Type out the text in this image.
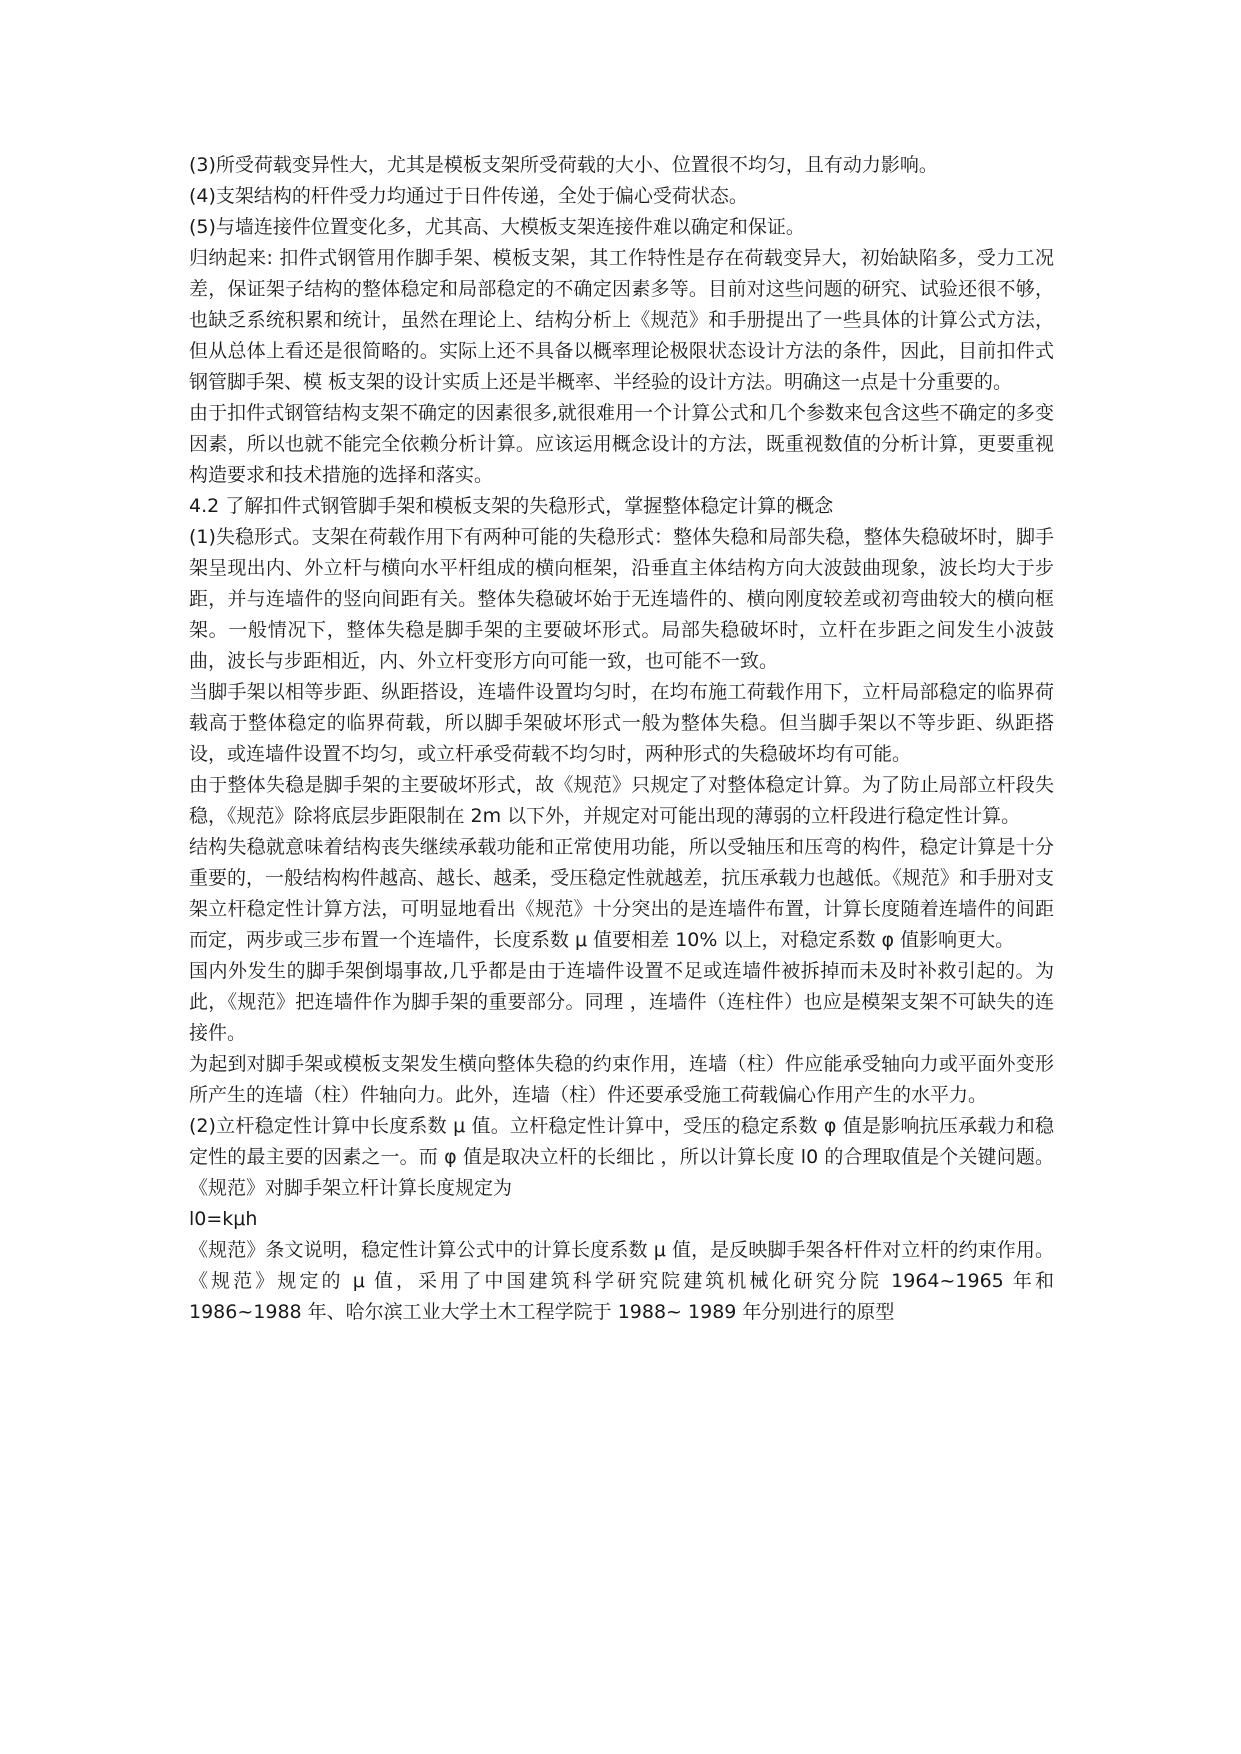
(3)所受荷载变异性大，尤其是模板支架所受荷载的大小、位置很不均匀，且有动力影响。

(4)支架结构的杆件受力均通过于日件传递，全处于偏心受荷状态。

(5)与墙连接件位置变化多，尤其高、大模板支架连接件难以确定和保证。

归纳起来: 扣件式钢管用作脚手架、模板支架，其工作特性是存在荷载变异大，初始缺陷多，受力工况差，保证架子结构的整体稳定和局部稳定的不确定因素多等。目前对这些问题的研究、试验还很不够，也缺乏系统积累和统计，虽然在理论上、结构分析上《规范》和手册提出了一些具体的计算公式方法，但从总体上看还是很简略的。实际上还不具备以概率理论极限状态设计方法的条件，因此，目前扣件式钢管脚手架、模 板支架的设计实质上还是半概率、半经验的设计方法。明确这一点是十分重要的。

由于扣件式钢管结构支架不确定的因素很多,就很难用一个计算公式和几个参数来包含这些不确定的多变因素，所以也就不能完全依赖分析计算。应该运用概念设计的方法，既重视数值的分析计算，更要重视构造要求和技术措施的选择和落实。

4.2 了解扣件式钢管脚手架和模板支架的失稳形式，掌握整体稳定计算的概念

(1)失稳形式。支架在荷载作用下有两种可能的失稳形式：整体失稳和局部失稳，整体失稳破坏时，脚手架呈现出内、外立杆与横向水平杆组成的横向框架，沿垂直主体结构方向大波鼓曲现象，波长均大于步距，并与连墙件的竖向间距有关。整体失稳破坏始于无连墙件的、横向刚度较差或初弯曲较大的横向框架。一般情况下，整体失稳是脚手架的主要破坏形式。局部失稳破坏时，立杆在步距之间发生小波鼓曲，波长与步距相近，内、外立杆变形方向可能一致，也可能不一致。

当脚手架以相等步距、纵距搭设，连墙件设置均匀时，在均布施工荷载作用下，立杆局部稳定的临界荷载高于整体稳定的临界荷载，所以脚手架破坏形式一般为整体失稳。但当脚手架以不等步距、纵距搭设，或连墙件设置不均匀，或立杆承受荷载不均匀时，两种形式的失稳破坏均有可能。

由于整体失稳是脚手架的主要破坏形式，故《规范》只规定了对整体稳定计算。为了防止局部立杆段失稳，《规范》除将底层步距限制在 2m 以下外，并规定对可能出现的薄弱的立杆段进行稳定性计算。

结构失稳就意味着结构丧失继续承载功能和正常使用功能，所以受轴压和压弯的构件，稳定计算是十分重要的，一般结构构件越高、越长、越柔，受压稳定性就越差，抗压承载力也越低。《规范》和手册对支架立杆稳定性计算方法，可明显地看出《规范》十分突出的是连墙件布置，计算长度随着连墙件的间距而定，两步或三步布置一个连墙件，长度系数 μ 值要相差 10% 以上，对稳定系数 φ 值影响更大。

国内外发生的脚手架倒塌事故,几乎都是由于连墙件设置不足或连墙件被拆掉而未及时补救引起的。为此，《规范》把连墙件作为脚手架的重要部分。同理 ，连墙件（连柱件）也应是模架支架不可缺失的连接件。

为起到对脚手架或模板支架发生横向整体失稳的约束作用，连墙（柱）件应能承受轴向力或平面外变形所产生的连墙（柱）件轴向力。此外，连墙（柱）件还要承受施工荷载偏心作用产生的水平力。

(2)立杆稳定性计算中长度系数 μ 值。立杆稳定性计算中，受压的稳定系数 φ 值是影响抗压承载力和稳定性的最主要的因素之一。而 φ 值是取决立杆的长细比 ，所以计算长度 l0 的合理取值是个关键问题。《规范》对脚手架立杆计算长度规定为

l0=kμh

《规范》条文说明，稳定性计算公式中的计算长度系数 μ 值，是反映脚手架各杆件对立杆的约束作用。《规范》规定的 μ 值，采用了中国建筑科学研究院建筑机械化研究分院 1964~1965 年和 1986~1988 年、哈尔滨工业大学土木工程学院于 1988~ 1989 年分别进行的原型
